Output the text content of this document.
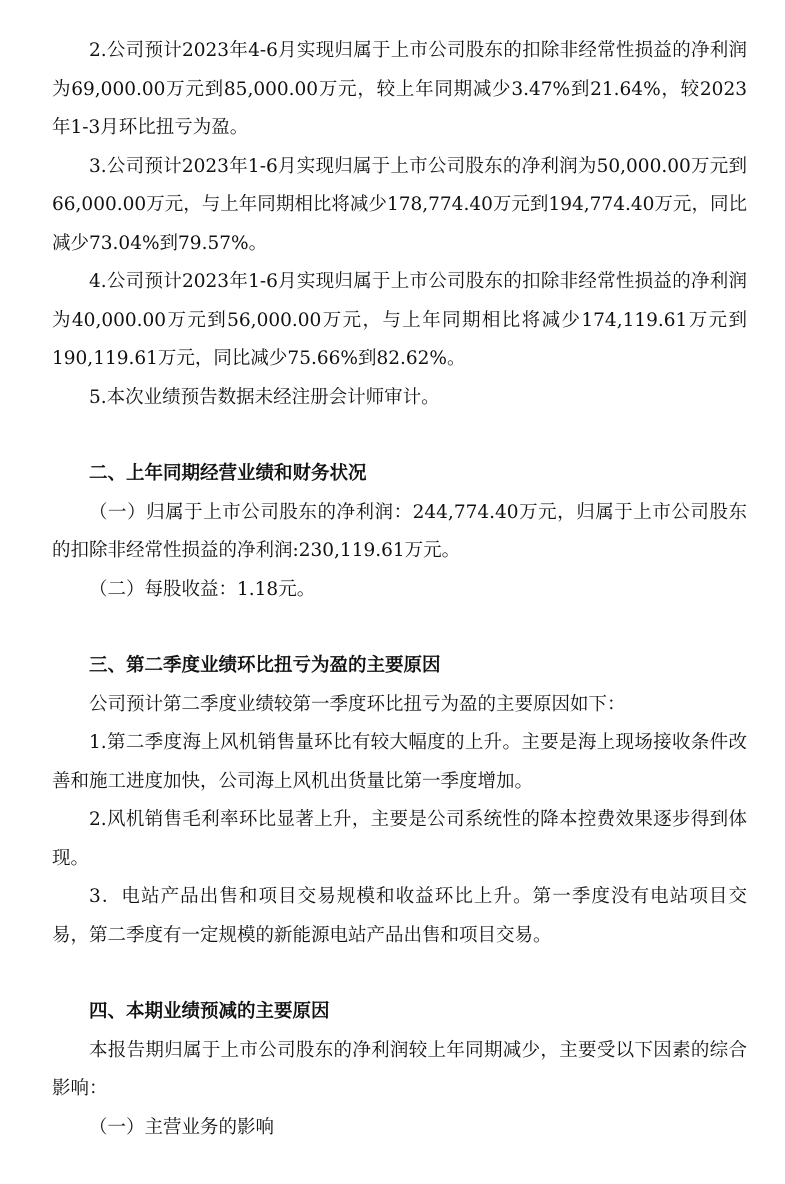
2.公司预计2023年4-6月实现归属于上市公司股东的扣除非经常性损益的净利润为69,000.00万元到85,000.00万元，较上年同期减少3.47%到21.64%，较2023年1-3月环比扭亏为盈。

3.公司预计2023年1-6月实现归属于上市公司股东的净利润为50,000.00万元到66,000.00万元，与上年同期相比将减少178,774.40万元到194,774.40万元，同比减少73.04%到79.57%。

4.公司预计2023年1-6月实现归属于上市公司股东的扣除非经常性损益的净利润为40,000.00万元到56,000.00万元，与上年同期相比将减少174,119.61万元到190,119.61万元，同比减少75.66%到82.62%。

5.本次业绩预告数据未经注册会计师审计。

二、上年同期经营业绩和财务状况

（一）归属于上市公司股东的净利润：244,774.40万元，归属于上市公司股东的扣除非经常性损益的净利润:230,119.61万元。

（二）每股收益：1.18元。

三、第二季度业绩环比扭亏为盈的主要原因

公司预计第二季度业绩较第一季度环比扭亏为盈的主要原因如下：

1.第二季度海上风机销售量环比有较大幅度的上升。主要是海上现场接收条件改善和施工进度加快，公司海上风机出货量比第一季度增加。

2.风机销售毛利率环比显著上升，主要是公司系统性的降本控费效果逐步得到体现。

3．电站产品出售和项目交易规模和收益环比上升。第一季度没有电站项目交易，第二季度有一定规模的新能源电站产品出售和项目交易。

四、本期业绩预减的主要原因

本报告期归属于上市公司股东的净利润较上年同期减少，主要受以下因素的综合影响：

（一）主营业务的影响
